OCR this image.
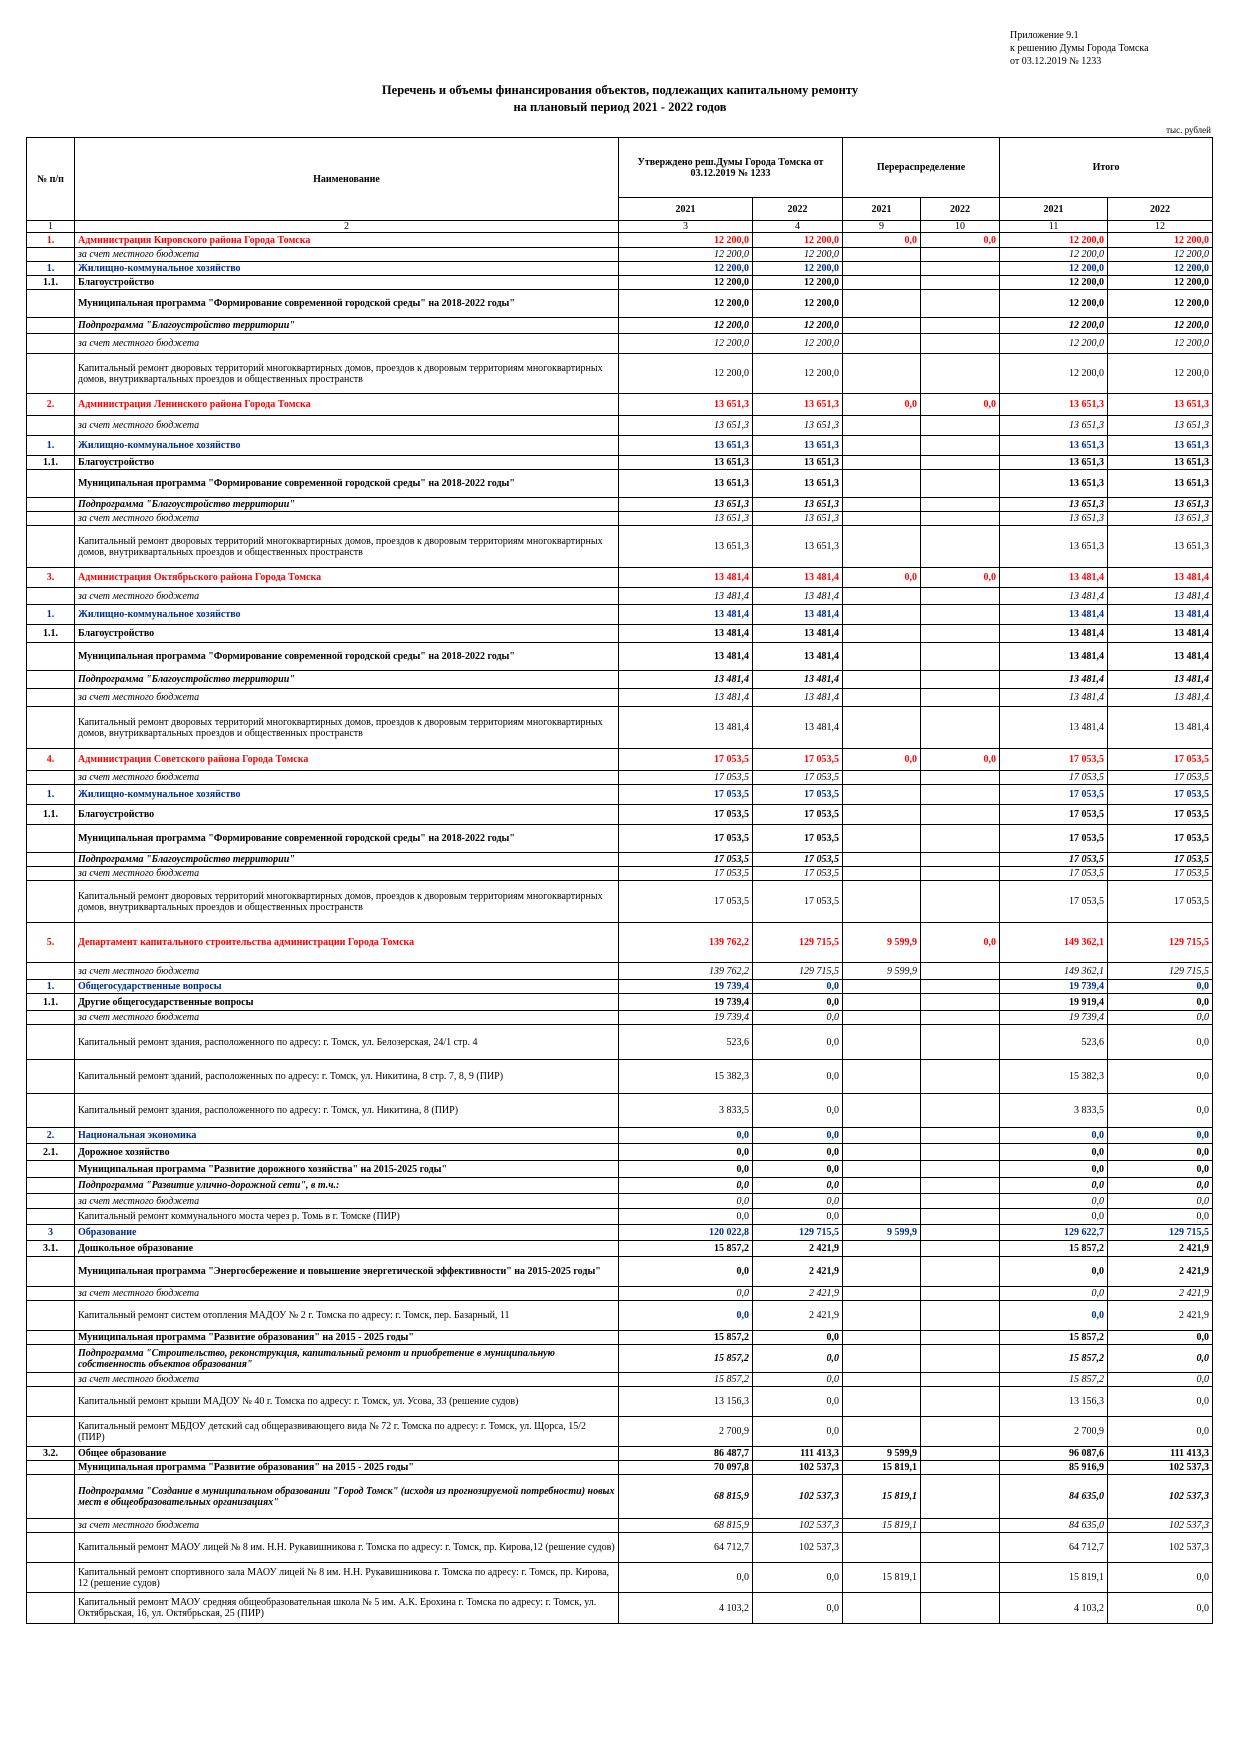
Приложение 9.1
к решению Думы Города Томска
от 03.12.2019 № 1233
Перечень и объемы финансирования объектов, подлежащих капитальному ремонту
на плановый период 2021 - 2022 годов
тыс. рублей
№ п/п	Наименование	Утверждено реш.Думы Города Томска от 03.12.2019 № 1233		Перераспределение		Итого	
		2021	2022	2021	2022	2021	2022
1	2	3	4	9	10	11	12
1.	Администрация Кировского района Города Томска	12 200,0	12 200,0	0,0	0,0	12 200,0	12 200,0
	за счет местного бюджета	12 200,0	12 200,0			12 200,0	12 200,0
1.	Жилищно-коммунальное хозяйство	12 200,0	12 200,0			12 200,0	12 200,0
1.1.	Благоустройство	12 200,0	12 200,0			12 200,0	12 200,0
	Муниципальная программа "Формирование современной городской среды" на 2018-2022 годы"	12 200,0	12 200,0			12 200,0	12 200,0
	Подпрограмма "Благоустройство территории"	12 200,0	12 200,0			12 200,0	12 200,0
	за счет местного бюджета	12 200,0	12 200,0			12 200,0	12 200,0
	Капитальный ремонт дворовых территорий многоквартирных домов, проездов к дворовым территориям многоквартирных домов, внутриквартальных проездов и общественных пространств	12 200,0	12 200,0			12 200,0	12 200,0
2.	Администрация Ленинского района Города Томска	13 651,3	13 651,3	0,0	0,0	13 651,3	13 651,3
	за счет местного бюджета	13 651,3	13 651,3			13 651,3	13 651,3
1.	Жилищно-коммунальное хозяйство	13 651,3	13 651,3			13 651,3	13 651,3
1.1.	Благоустройство	13 651,3	13 651,3			13 651,3	13 651,3
	Муниципальная программа "Формирование современной городской среды" на 2018-2022 годы"	13 651,3	13 651,3			13 651,3	13 651,3
	Подпрограмма "Благоустройство территории"	13 651,3	13 651,3			13 651,3	13 651,3
	за счет местного бюджета	13 651,3	13 651,3			13 651,3	13 651,3
	Капитальный ремонт дворовых территорий многоквартирных домов, проездов к дворовым территориям многоквартирных домов, внутриквартальных проездов и общественных пространств	13 651,3	13 651,3			13 651,3	13 651,3
3.	Администрация Октябрьского района Города Томска	13 481,4	13 481,4	0,0	0,0	13 481,4	13 481,4
	за счет местного бюджета	13 481,4	13 481,4			13 481,4	13 481,4
1.	Жилищно-коммунальное хозяйство	13 481,4	13 481,4			13 481,4	13 481,4
1.1.	Благоустройство	13 481,4	13 481,4			13 481,4	13 481,4
	Муниципальная программа "Формирование современной городской среды" на 2018-2022 годы"	13 481,4	13 481,4			13 481,4	13 481,4
	Подпрограмма "Благоустройство территории"	13 481,4	13 481,4			13 481,4	13 481,4
	за счет местного бюджета	13 481,4	13 481,4			13 481,4	13 481,4
	Капитальный ремонт дворовых территорий многоквартирных домов, проездов к дворовым территориям многоквартирных домов, внутриквартальных проездов и общественных пространств	13 481,4	13 481,4			13 481,4	13 481,4
4.	Администрация Советского района Города Томска	17 053,5	17 053,5	0,0	0,0	17 053,5	17 053,5
	за счет местного бюджета	17 053,5	17 053,5			17 053,5	17 053,5
1.	Жилищно-коммунальное хозяйство	17 053,5	17 053,5			17 053,5	17 053,5
1.1.	Благоустройство	17 053,5	17 053,5			17 053,5	17 053,5
	Муниципальная программа "Формирование современной городской среды" на 2018-2022 годы"	17 053,5	17 053,5			17 053,5	17 053,5
	Подпрограмма "Благоустройство территории"	17 053,5	17 053,5			17 053,5	17 053,5
	за счет местного бюджета	17 053,5	17 053,5			17 053,5	17 053,5
	Капитальный ремонт дворовых территорий многоквартирных домов, проездов к дворовым территориям многоквартирных домов, внутриквартальных проездов и общественных пространств	17 053,5	17 053,5			17 053,5	17 053,5
5.	Департамент капитального строительства администрации Города Томска	139 762,2	129 715,5	9 599,9	0,0	149 362,1	129 715,5
	за счет местного бюджета	139 762,2	129 715,5	9 599,9		149 362,1	129 715,5
1.	Общегосударственные вопросы	19 739,4	0,0			19 739,4	0,0
1.1.	Другие общегосударственные вопросы	19 739,4	0,0			19 919,4	0,0
	за счет местного бюджета	19 739,4	0,0			19 739,4	0,0
	Капитальный ремонт здания, расположенного по адресу: г. Томск, ул. Белозерская, 24/1 стр. 4	523,6	0,0			523,6	0,0
	Капитальный ремонт зданий, расположенных по адресу: г. Томск, ул. Никитина, 8 стр. 7, 8, 9 (ПИР)	15 382,3	0,0			15 382,3	0,0
	Капитальный ремонт здания, расположенного по адресу: г. Томск, ул. Никитина, 8 (ПИР)	3 833,5	0,0			3 833,5	0,0
2.	Национальная экономика	0,0	0,0			0,0	0,0
2.1.	Дорожное хозяйство	0,0	0,0			0,0	0,0
	Муниципальная программа "Развитие дорожного хозяйства" на 2015-2025 годы"	0,0	0,0			0,0	0,0
	Подпрограмма "Развитие улично-дорожной сети", в т.ч.:	0,0	0,0			0,0	0,0
	за счет местного бюджета	0,0	0,0			0,0	0,0
	Капитальный ремонт коммунального моста через р. Томь в г. Томске (ПИР)	0,0	0,0			0,0	0,0
3	Образование	120 022,8	129 715,5	9 599,9		129 622,7	129 715,5
3.1.	Дошкольное образование	15 857,2	2 421,9			15 857,2	2 421,9
	Муниципальная программа "Энергосбережение и повышение энергетической эффективности" на 2015-2025 годы"	0,0	2 421,9			0,0	2 421,9
	за счет местного бюджета	0,0	2 421,9			0,0	2 421,9
	Капитальный ремонт систем отопления МАДОУ № 2 г. Томска по адресу: г. Томск, пер. Базарный, 11	0,0	2 421,9			0,0	2 421,9
	Муниципальная программа "Развитие образования" на 2015 - 2025 годы"	15 857,2	0,0			15 857,2	0,0
	Подпрограмма "Строительство, реконструкция, капитальный ремонт и приобретение в муниципальную собственность объектов образования"	15 857,2	0,0			15 857,2	0,0
	за счет местного бюджета	15 857,2	0,0			15 857,2	0,0
	Капитальный ремонт крыши МАДОУ № 40 г. Томска по адресу: г. Томск, ул. Усова, 33 (решение судов)	13 156,3	0,0			13 156,3	0,0
	Капитальный ремонт МБДОУ детский сад общеразвивающего вида № 72 г. Томска по адресу: г. Томск, ул. Щорса, 15/2 (ПИР)	2 700,9	0,0			2 700,9	0,0
3.2.	Общее образование	86 487,7	111 413,3	9 599,9		96 087,6	111 413,3
	Муниципальная программа "Развитие образования" на 2015 - 2025 годы"	70 097,8	102 537,3	15 819,1		85 916,9	102 537,3
	Подпрограмма "Создание в муниципальном образовании "Город Томск" (исходя из прогнозируемой потребности) новых мест в общеобразовательных организациях"	68 815,9	102 537,3	15 819,1		84 635,0	102 537,3
	за счет местного бюджета	68 815,9	102 537,3	15 819,1		84 635,0	102 537,3
	Капитальный ремонт МАОУ лицей № 8 им. Н.Н. Рукавишникова г. Томска по адресу: г. Томск, пр. Кирова,12 (решение судов)	64 712,7	102 537,3			64 712,7	102 537,3
	Капитальный ремонт спортивного зала МАОУ лицей № 8 им. Н.Н. Рукавишникова г. Томска по адресу: г. Томск, пр. Кирова, 12 (решение судов)	0,0	0,0	15 819,1		15 819,1	0,0
	Капитальный ремонт МАОУ средняя общеобразовательная школа № 5 им. А.К. Ерохина г. Томска по адресу: г. Томск, ул. Октябрьская, 16, ул. Октябрьская, 25 (ПИР)	4 103,2	0,0			4 103,2	0,0
